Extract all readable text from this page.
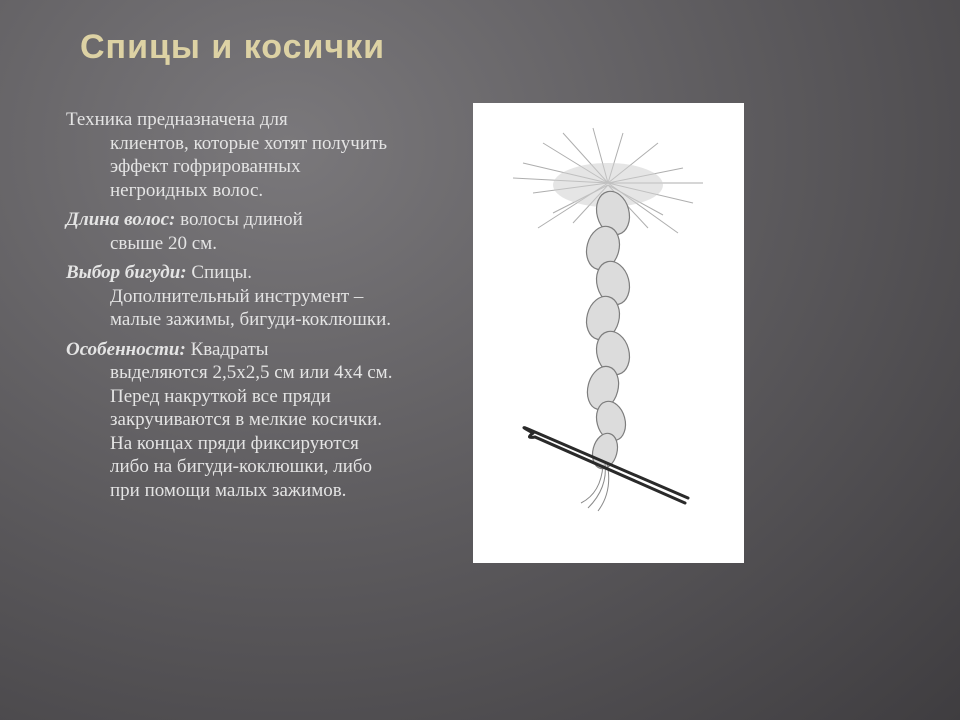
Спицы и косички

Техника предназначена для
клиентов, которые хотят получить эффект гофрированных негроидных волос.

Длина волос: волосы длиной
свыше 20 см.

Выбор бигуди: Спицы.
Дополнительный инструмент – малые зажимы, бигуди-коклюшки.

Особенности: Квадраты
выделяются 2,5х2,5 см или 4х4 см. Перед накруткой все пряди закручиваются в мелкие косички. На концах пряди фиксируются либо на бигуди-коклюшки, либо при помощи малых зажимов.
